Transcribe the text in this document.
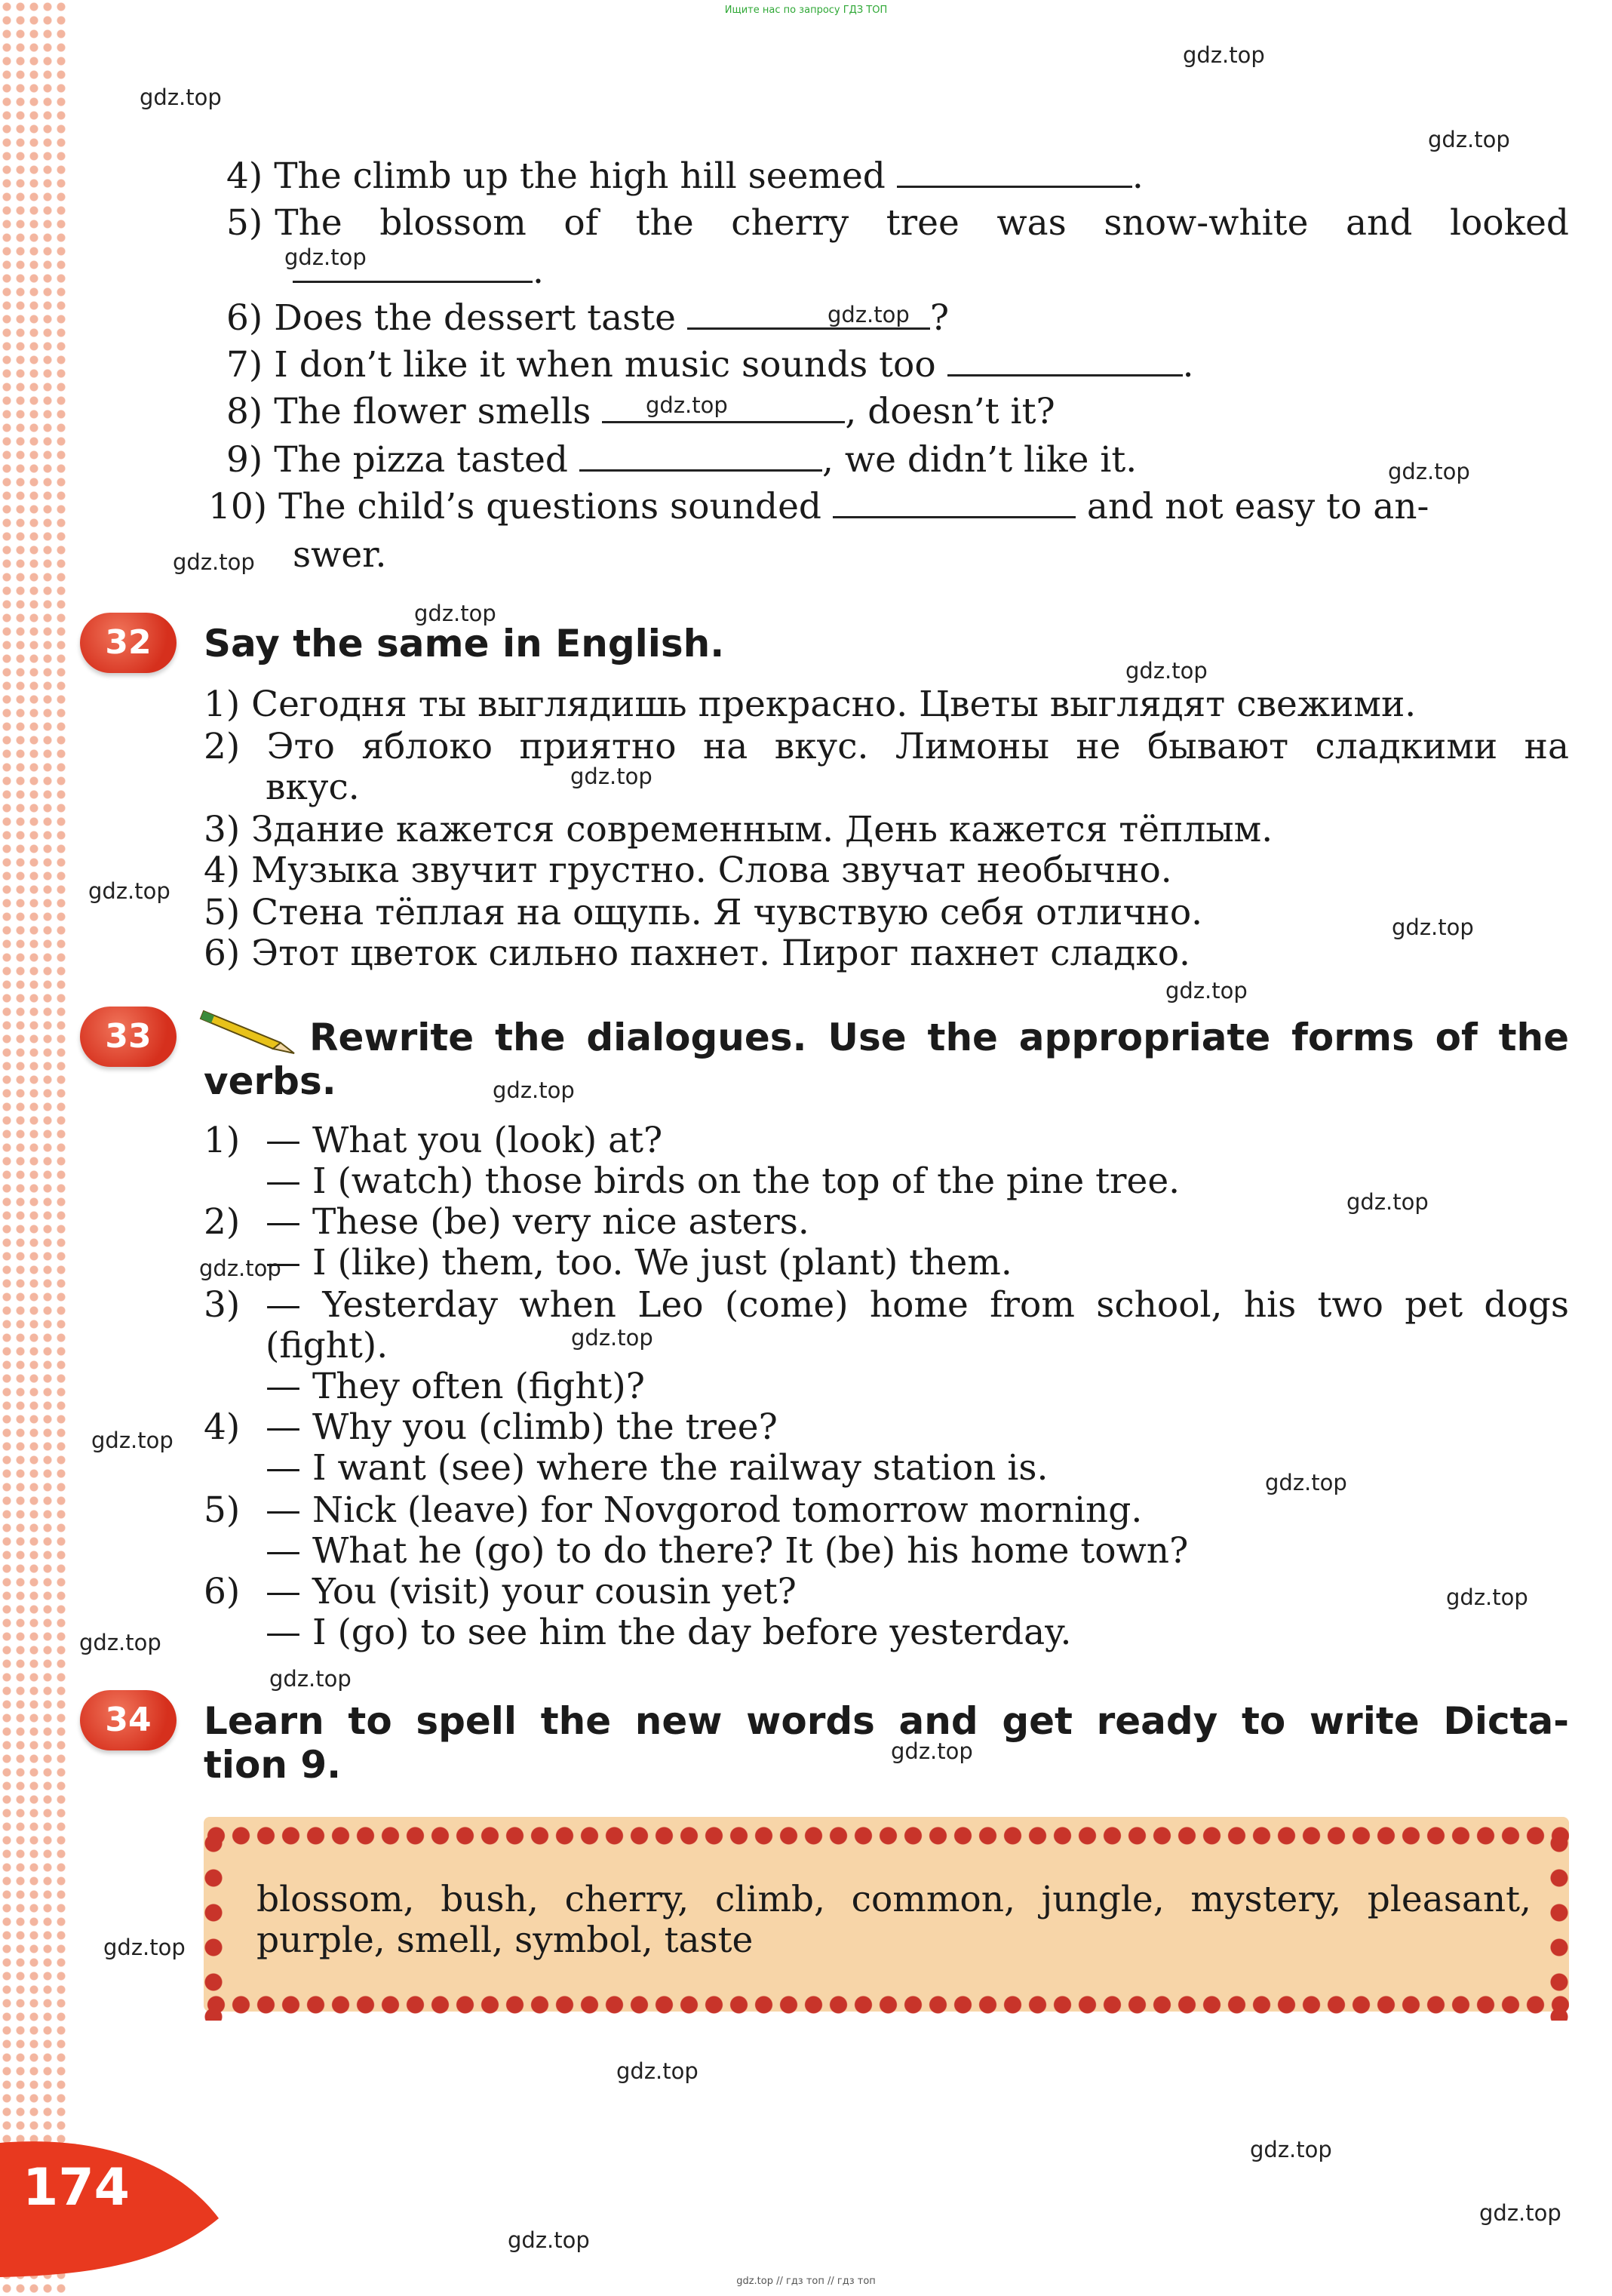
Ищите нас по запросу ГДЗ ТОП
gdz.top
gdz.top
gdz.top
gdz.top
gdz.top
gdz.top
gdz.top
gdz.top
gdz.top
gdz.top
gdz.top
gdz.top
gdz.top
gdz.top
gdz.top
gdz.top
gdz.top
gdz.top
gdz.top
gdz.top
gdz.top
gdz.top
gdz.top
gdz.top
gdz.top
gdz.top
gdz.top
gdz.top
gdz.top
4) The climb up the high hill seemed	.
5) The blossom of the cherry tree was snow-white and looked
.
6) Does the dessert taste	?
7) I don’t like it when music sounds too	.
8) The flower smells	, doesn’t it?
9) The pizza tasted	, we didn’t like it.
10) The child’s questions sounded	and not easy to an-
swer.
32	Say the same in English.
1) Сегодня ты выглядишь прекрасно. Цветы выглядят свежими.
2) Это яблоко приятно на вкус. Лимоны не бывают сладкими на
вкус.
3) Здание кажется современным. День кажется тёплым.
4) Музыка звучит грустно. Слова звучат необычно.
5) Стена тёплая на ощупь. Я чувствую себя отлично.
6) Этот цветок сильно пахнет. Пирог пахнет сладко.
33	Rewrite the dialogues. Use the appropriate forms of the
verbs.
1) — What you (look) at?
— I (watch) those birds on the top of the pine tree.
2) — These (be) very nice asters.
— I (like) them, too. We just (plant) them.
3) — Yesterday when Leo (come) home from school, his two pet dogs
(fight).
— They often (fight)?
4) — Why you (climb) the tree?
— I want (see) where the railway station is.
5) — Nick (leave) for Novgorod tomorrow morning.
— What he (go) to do there? It (be) his home town?
6) — You (visit) your cousin yet?
— I (go) to see him the day before yesterday.
34	Learn to spell the new words and get ready to write Dicta-
tion 9.
blossom, bush, cherry, climb, common, jungle, mystery, pleasant,
purple, smell, symbol, taste
174
gdz.top // гдз топ // гдз топ
